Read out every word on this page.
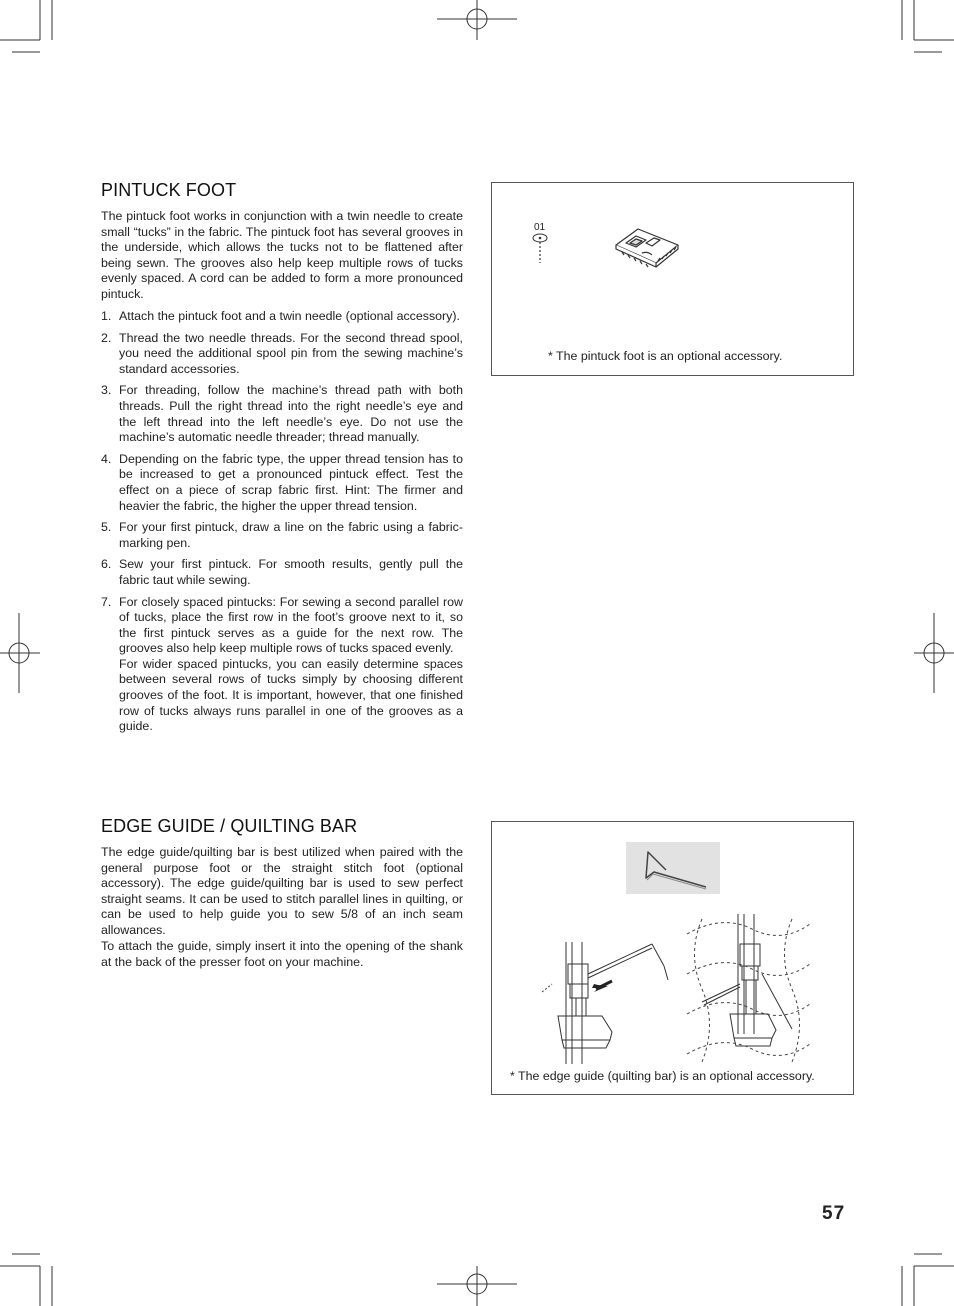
PINTUCK FOOT

The pintuck foot works in conjunction with a twin needle to create small “tucks” in the fabric. The pintuck foot has several grooves in the underside, which allows the tucks not to be flattened after being sewn. The grooves also help keep multiple rows of tucks evenly spaced. A cord can be added to form a more pronounced pintuck.

1. Attach the pintuck foot and a twin needle (optional accessory).
2. Thread the two needle threads. For the second thread spool, you need the additional spool pin from the sewing machine’s standard accessories.
3. For threading, follow the machine’s thread path with both threads. Pull the right thread into the right needle’s eye and the left thread into the left needle’s eye. Do not use the machine’s automatic needle threader; thread manually.
4. Depending on the fabric type, the upper thread tension has to be increased to get a pronounced pintuck effect. Test the effect on a piece of scrap fabric first. Hint: The firmer and heavier the fabric, the higher the upper thread tension.
5. For your first pintuck, draw a line on the fabric using a fabric-marking pen.
6. Sew your first pintuck. For smooth results, gently pull the fabric taut while sewing.
7. For closely spaced pintucks: For sewing a second parallel row of tucks, place the first row in the foot’s groove next to it, so the first pintuck serves as a guide for the next row. The grooves also help keep multiple rows of tucks spaced evenly.
For wider spaced pintucks, you can easily determine spaces between several rows of tucks simply by choosing different grooves of the foot. It is important, however, that one finished row of tucks always runs parallel in one of the grooves as a guide.
01
* The pintuck foot is an optional accessory.
EDGE GUIDE / QUILTING BAR

The edge guide/quilting bar is best utilized when paired with the general purpose foot or the straight stitch foot (optional accessory). The edge guide/quilting bar is used to sew perfect straight seams. It can be used to stitch parallel lines in quilting, or can be used to help guide you to sew 5/8 of an inch seam allowances.

To attach the guide, simply insert it into the opening of the shank at the back of the presser foot on your machine.

* The edge guide (quilting bar) is an optional accessory.
57
